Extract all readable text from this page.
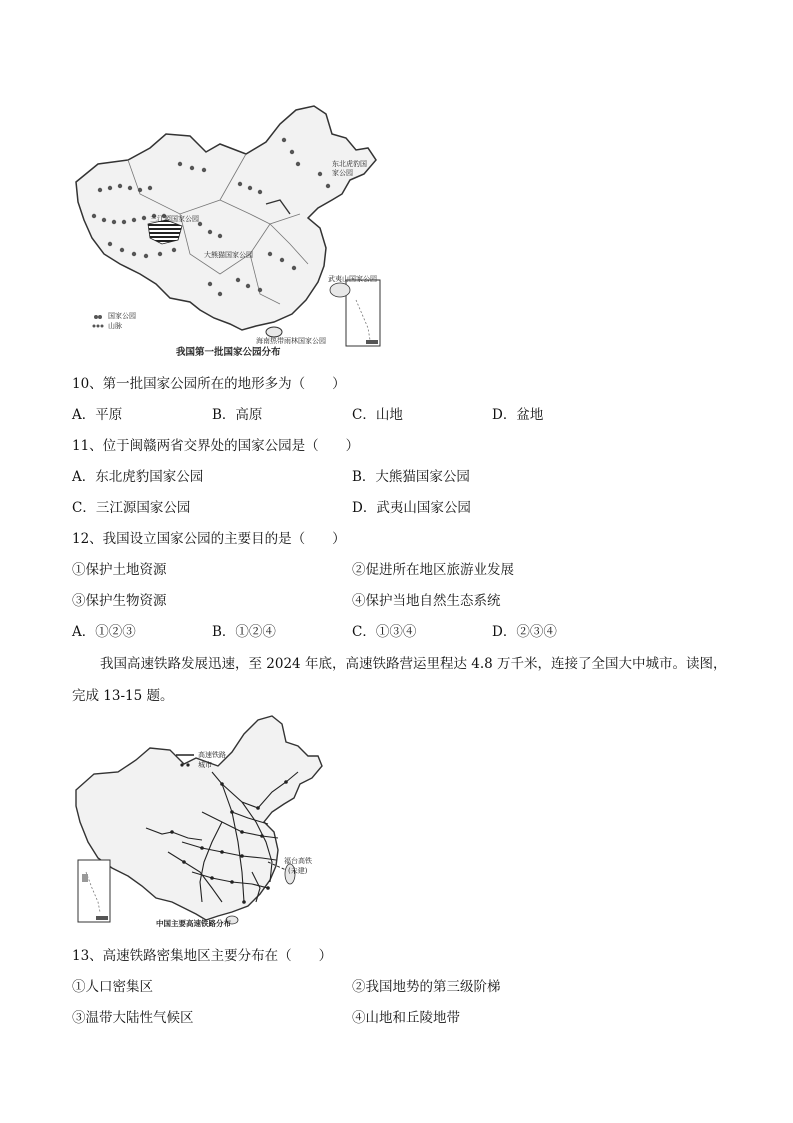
国家公园
山脉
东北虎豹国家公园
三江源国家公园
大熊猫国家公园
武夷山国家公园
海南热带雨林国家公园
我国第一批国家公园分布
10、第一批国家公园所在的地形多为（　　）
A．平原	B．高原	C．山地	D．盆地
11、位于闽赣两省交界处的国家公园是（　　）
A．东北虎豹国家公园	B．大熊猫国家公园
C．三江源国家公园	D．武夷山国家公园
12、我国设立国家公园的主要目的是（　　）
①保护土地资源	②促进所在地区旅游业发展
③保护生物资源	④保护当地自然生态系统
A．①②③	B．①②④	C．①③④	D．②③④
我国高速铁路发展迅速，至 2024 年底，高速铁路营运里程达 4.8 万千米，连接了全国大中城市。读图，
完成 13-15 题。
高速铁路
城市
福台高铁
(未建)
中国主要高速铁路分布
13、高速铁路密集地区主要分布在（　　）
①人口密集区	②我国地势的第三级阶梯
③温带大陆性气候区	④山地和丘陵地带
